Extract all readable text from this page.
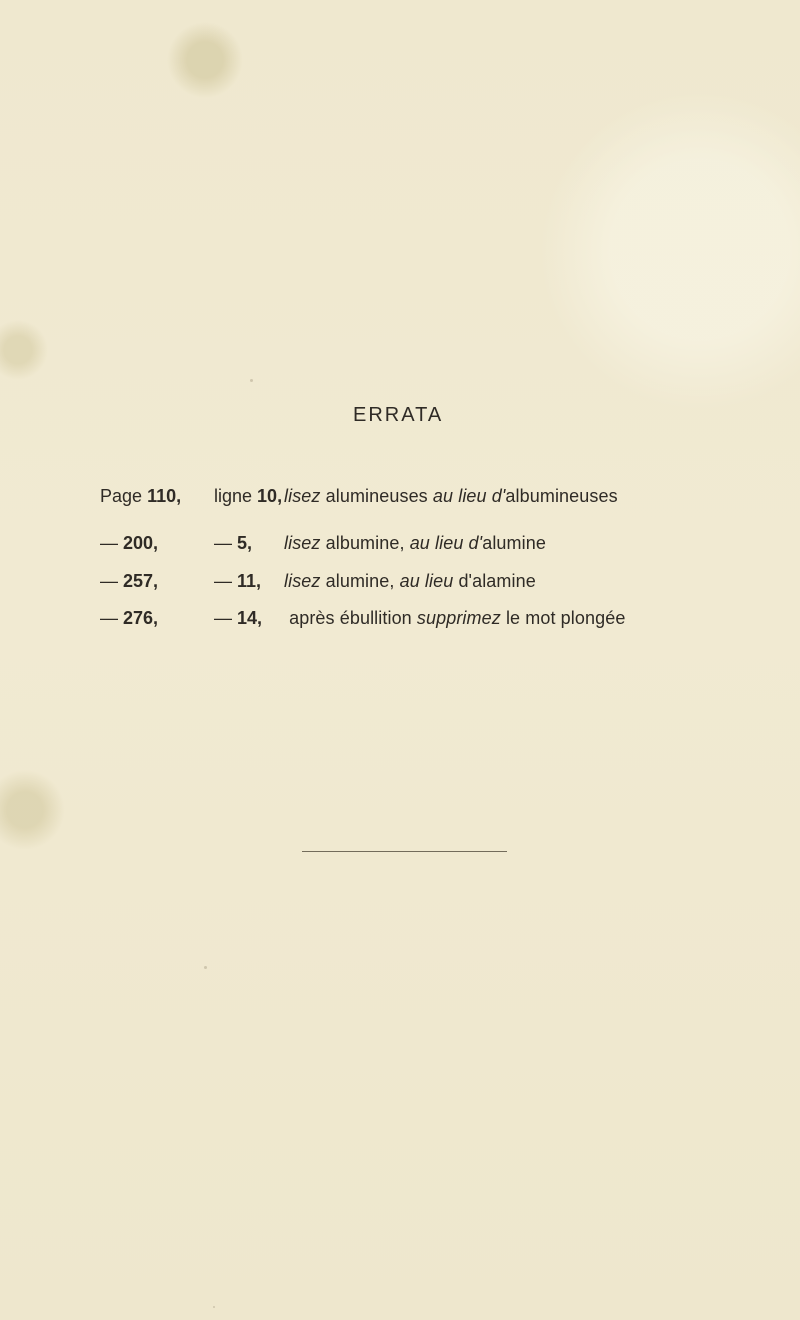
ERRATA
Page 110, ligne 10, lisez alumineuses au lieu d'albumineuses
— 200,	— 5, lisez albumine, au lieu d'alumine
— 257,	— 11, lisez alumine, au lieu d'alamine
— 276,	— 14, après ébullition supprimez le mot plongée
